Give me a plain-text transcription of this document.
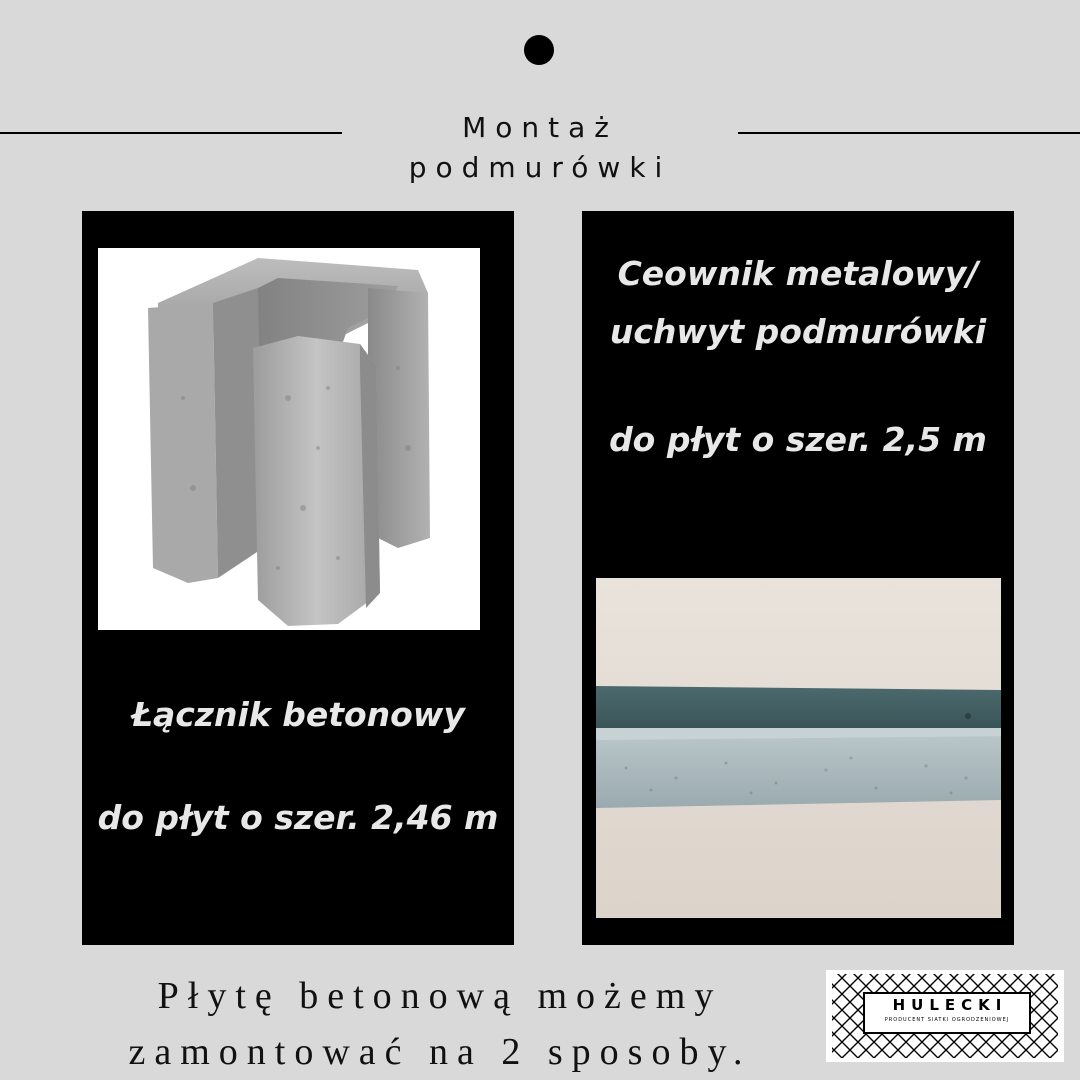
Montaż
podmurówki
Łącznik betonowy
do płyt o szer. 2,46 m
Ceownik metalowy/
uchwyt podmurówki
do płyt o szer. 2,5 m
Płytę betonową możemy
zamontować na 2 sposoby.
HULECKI
PRODUCENT SIATKI OGRODZENIOWEJ
